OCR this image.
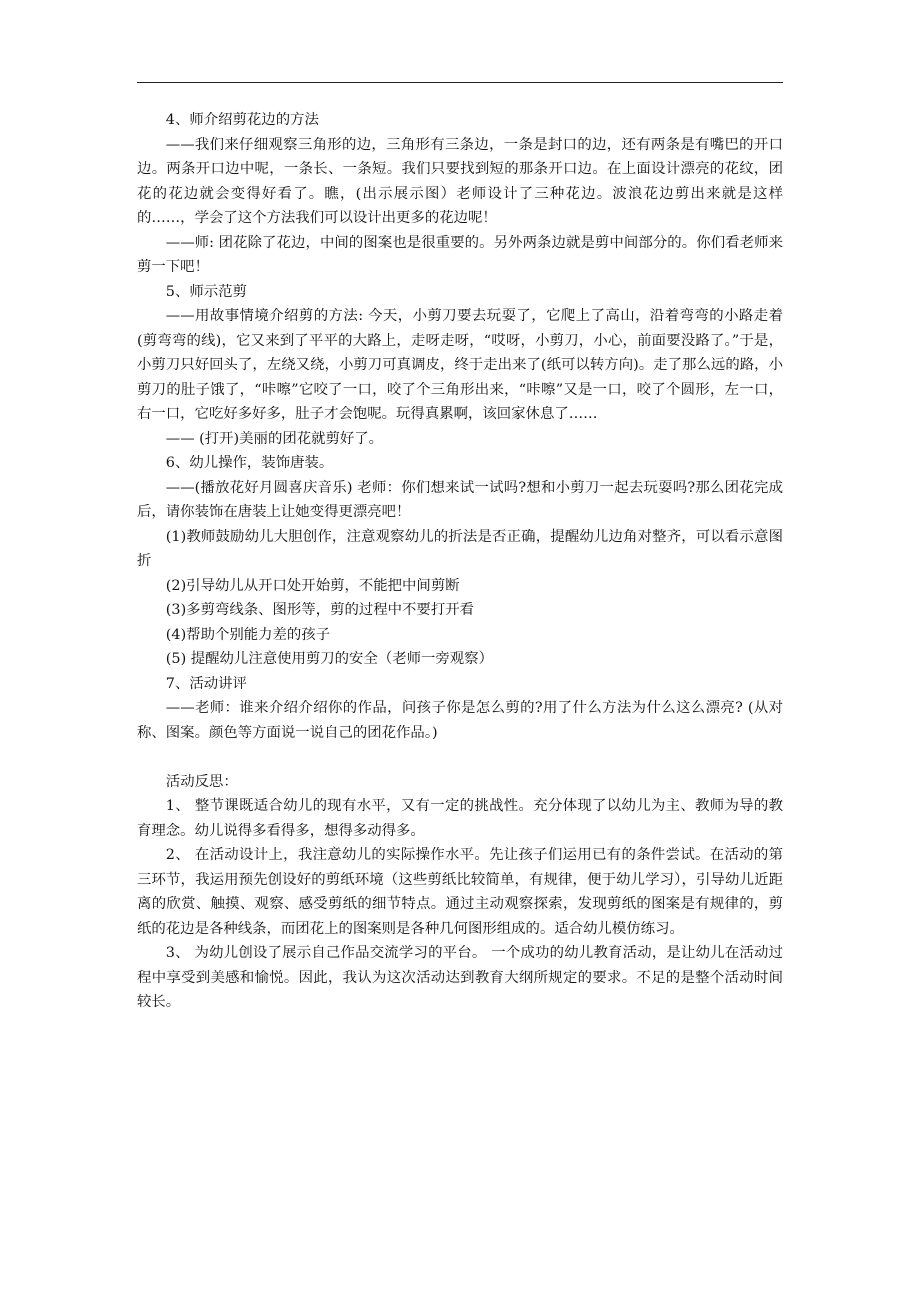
4、师介绍剪花边的方法

——我们来仔细观察三角形的边，三角形有三条边，一条是封口的边，还有两条是有嘴巴的开口边。两条开口边中呢，一条长、一条短。我们只要找到短的那条开口边。在上面设计漂亮的花纹，团花的花边就会变得好看了。瞧，(出示展示图）老师设计了三种花边。波浪花边剪出来就是这样的……，学会了这个方法我们可以设计出更多的花边呢！

——师: 团花除了花边，中间的图案也是很重要的。另外两条边就是剪中间部分的。你们看老师来剪一下吧！

5、师示范剪

——用故事情境介绍剪的方法: 今天，小剪刀要去玩耍了，它爬上了高山，沿着弯弯的小路走着(剪弯弯的线)，它又来到了平平的大路上，走呀走呀，“哎呀，小剪刀，小心，前面要没路了。”于是，小剪刀只好回头了，左绕又绕，小剪刀可真调皮，终于走出来了(纸可以转方向)。走了那么远的路，小剪刀的肚子饿了，“咔嚓”它咬了一口，咬了个三角形出来，“咔嚓”又是一口，咬了个圆形，左一口，右一口，它吃好多好多，肚子才会饱呢。玩得真累啊，该回家休息了……

—— (打开)美丽的团花就剪好了。

6、幼儿操作，装饰唐装。

——(播放花好月圆喜庆音乐) 老师：你们想来试一试吗?想和小剪刀一起去玩耍吗?那么团花完成后，请你装饰在唐装上让她变得更漂亮吧！

(1)教师鼓励幼儿大胆创作，注意观察幼儿的折法是否正确，提醒幼儿边角对整齐，可以看示意图折

(2)引导幼儿从开口处开始剪，不能把中间剪断

(3)多剪弯线条、图形等，剪的过程中不要打开看

(4)帮助个别能力差的孩子

(5) 提醒幼儿注意使用剪刀的安全（老师一旁观察）

7、活动讲评

——老师：谁来介绍介绍你的作品，问孩子你是怎么剪的?用了什么方法为什么这么漂亮? (从对称、图案。颜色等方面说一说自己的团花作品。)

活动反思：

1、 整节课既适合幼儿的现有水平，又有一定的挑战性。充分体现了以幼儿为主、教师为导的教育理念。幼儿说得多看得多，想得多动得多。

2、 在活动设计上，我注意幼儿的实际操作水平。先让孩子们运用已有的条件尝试。在活动的第三环节，我运用预先创设好的剪纸环境（这些剪纸比较简单，有规律，便于幼儿学习），引导幼儿近距离的欣赏、触摸、观察、感受剪纸的细节特点。通过主动观察探索，发现剪纸的图案是有规律的，剪纸的花边是各种线条，而团花上的图案则是各种几何图形组成的。适合幼儿模仿练习。

3、 为幼儿创设了展示自己作品交流学习的平台。 一个成功的幼儿教育活动，是让幼儿在活动过程中享受到美感和愉悦。因此，我认为这次活动达到教育大纲所规定的要求。不足的是整个活动时间较长。
